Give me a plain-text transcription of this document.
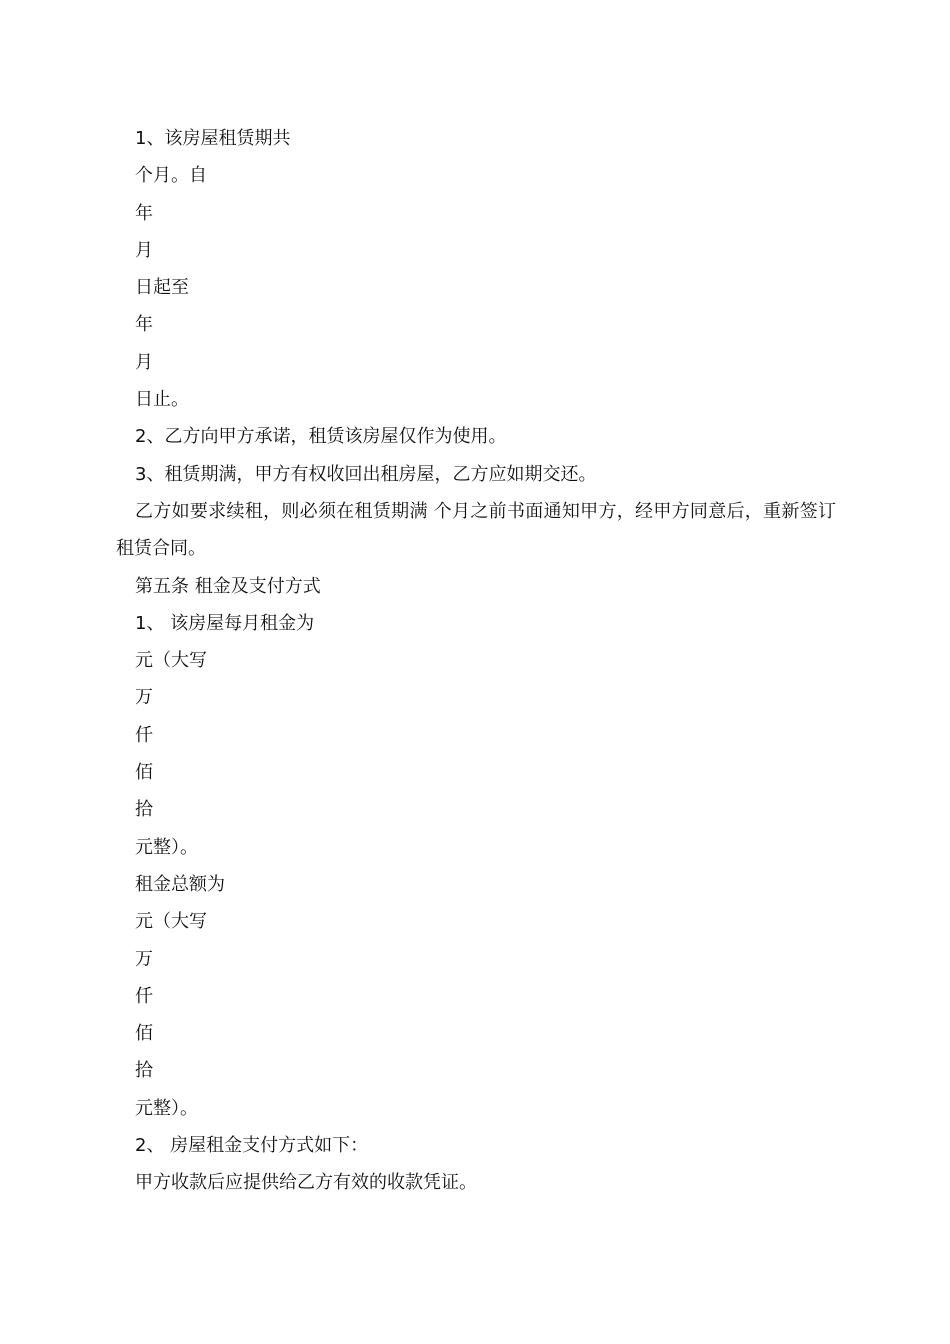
1、该房屋租赁期共
个月。自
年
月
日起至
年
月
日止。
2、乙方向甲方承诺，租赁该房屋仅作为使用。
3、租赁期满，甲方有权收回出租房屋，乙方应如期交还。

乙方如要求续租，则必须在租赁期满 个月之前书面通知甲方，经甲方同意后，重新签订租赁合同。

第五条 租金及支付方式
1、 该房屋每月租金为
元（大写
万
仟
佰
拾
元整）。
租金总额为
元（大写
万
仟
佰
拾
元整）。
2、 房屋租金支付方式如下：
甲方收款后应提供给乙方有效的收款凭证。
